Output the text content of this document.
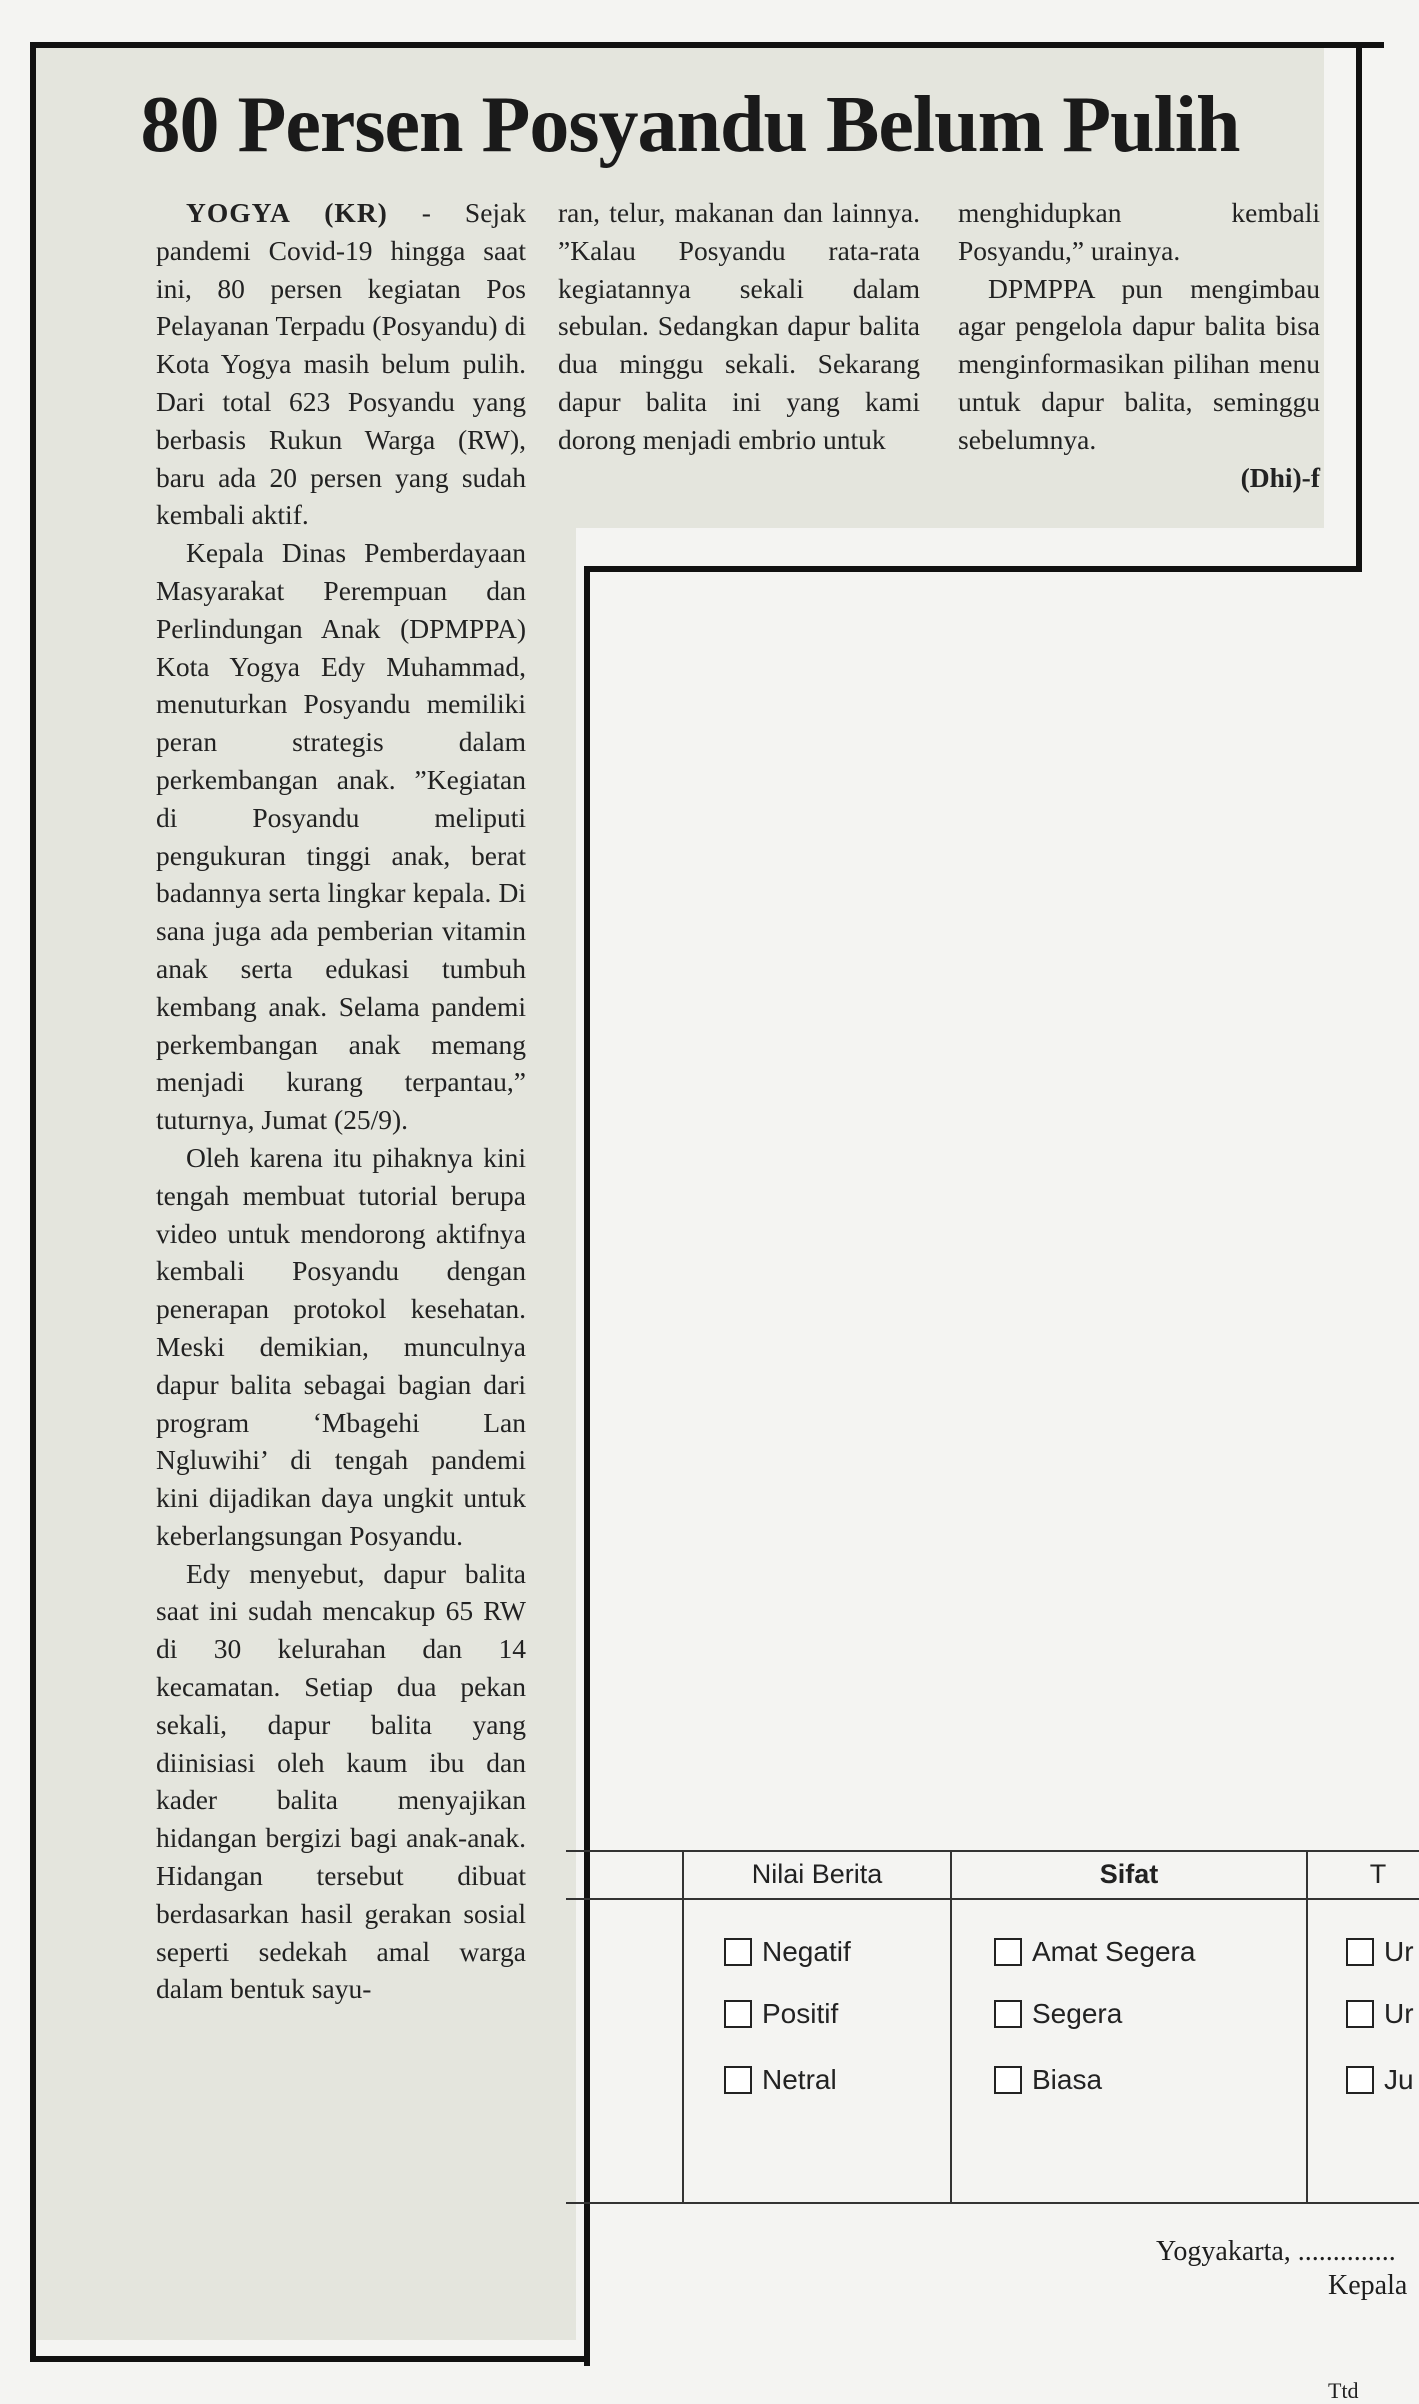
80 Persen Posyandu Belum Pulih

YOGYA (KR) - Sejak pandemi Covid-19 hingga saat ini, 80 persen kegiatan Pos Pelayanan Terpadu (Posyandu) di Kota Yogya masih belum pulih. Dari total 623 Posyandu yang berbasis Rukun Warga (RW), baru ada 20 persen yang sudah kembali aktif.

Kepala Dinas Pemberdayaan Masyarakat Perempuan dan Perlindungan Anak (DPMPPA) Kota Yogya Edy Muhammad, menuturkan Posyandu memiliki peran strategis dalam perkembangan anak. ”Kegiatan di Posyandu meliputi pengukuran tinggi anak, berat badannya serta lingkar kepala. Di sana juga ada pemberian vitamin anak serta edukasi tumbuh kembang anak. Selama pandemi perkembangan anak memang menjadi kurang terpantau,” tuturnya, Jumat (25/9).

Oleh karena itu pihaknya kini tengah membuat tutorial berupa video untuk mendorong aktifnya kembali Posyandu dengan penerapan protokol kesehatan. Meski demikian, munculnya dapur balita sebagai bagian dari program ‘Mbagehi Lan Ngluwihi’ di tengah pandemi kini dijadikan daya ungkit untuk keberlangsungan Posyandu.

Edy menyebut, dapur balita saat ini sudah mencakup 65 RW di 30 kelurahan dan 14 kecamatan. Setiap dua pekan sekali, dapur balita yang diinisiasi oleh kaum ibu dan kader balita menyajikan hidangan bergizi bagi anak-anak. Hidangan tersebut dibuat berdasarkan hasil gerakan sosial seperti sedekah amal warga dalam bentuk sayu-

ran, telur, makanan dan lainnya. ”Kalau Posyandu rata-rata kegiatannya sekali dalam sebulan. Sedangkan dapur balita dua minggu sekali. Sekarang dapur balita ini yang kami dorong menjadi embrio untuk

menghidupkan kembali Posyandu,” urainya.

DPMPPA pun mengimbau agar pengelola dapur balita bisa menginformasikan pilihan menu untuk dapur balita, seminggu sebelumnya.

(Dhi)-f
Nilai Berita	Sifat	T
Negatif
Positif
Netral
Amat Segera
Segera
Biasa
Ur
Ur
Ju
Yogyakarta, ..............
Kepala
Ttd
